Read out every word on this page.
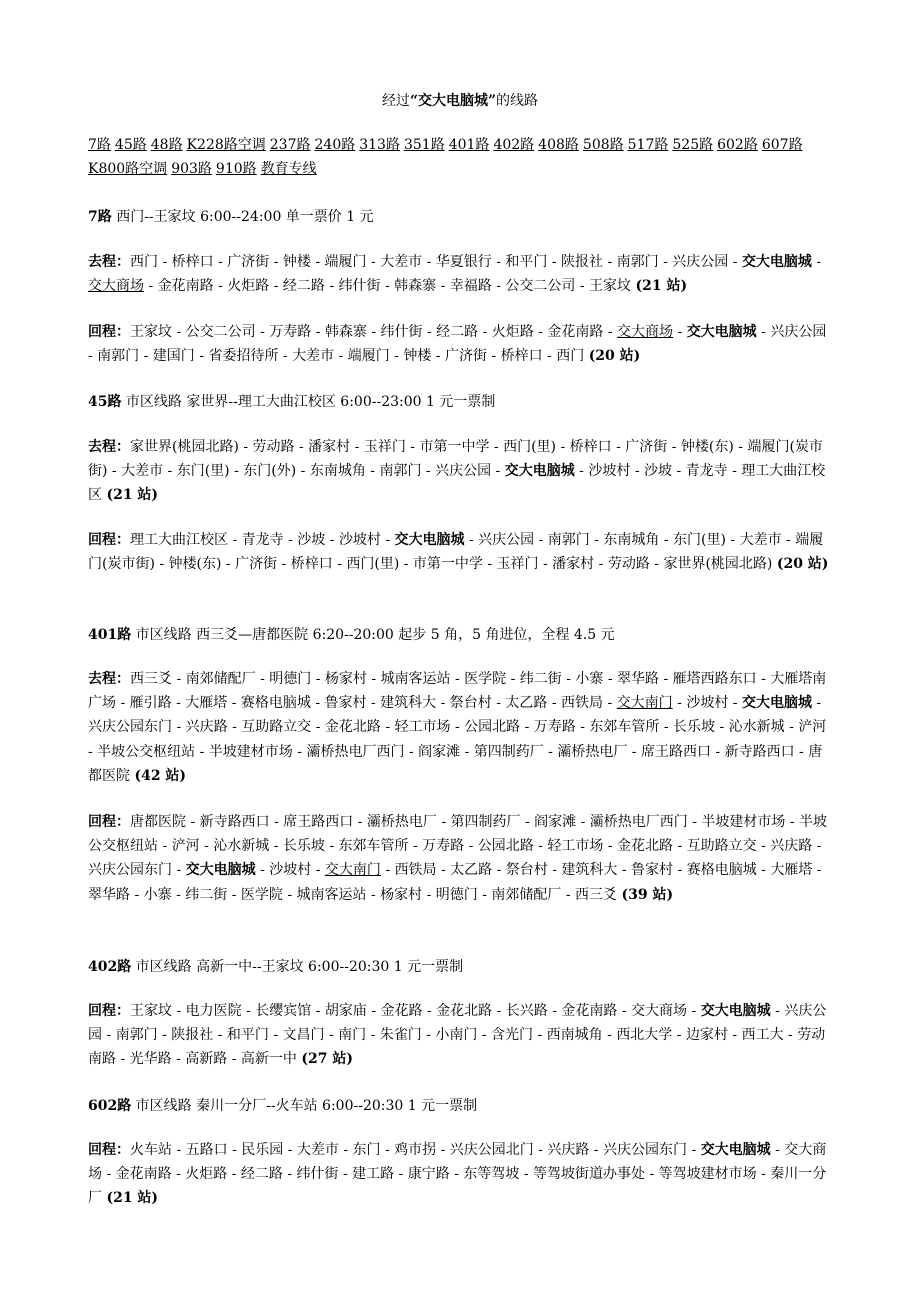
经过“交大电脑城”的线路
7路 45路 48路 K228路空调 237路 240路 313路 351路 401路 402路 408路 508路 517路 525路 602路 607路K800路空调 903路 910路 教育专线
7路 西门--王家坟 6:00--24:00 单一票价 1 元
去程：西门 - 桥梓口 - 广济街 - 钟楼 - 端履门 - 大差市 - 华夏银行 - 和平门 - 陕报社 - 南郭门 - 兴庆公园 - 交大电脑城 - 交大商场 - 金花南路 - 火炬路 - 经二路 - 纬什街 - 韩森寨 - 幸福路 - 公交二公司 - 王家坟 (21 站)
回程：王家坟 - 公交二公司 - 万寿路 - 韩森寨 - 纬什街 - 经二路 - 火炬路 - 金花南路 - 交大商场 - 交大电脑城 - 兴庆公园 - 南郭门 - 建国门 - 省委招待所 - 大差市 - 端履门 - 钟楼 - 广济街 - 桥梓口 - 西门 (20 站)
45路 市区线路 家世界--理工大曲江校区 6:00--23:00 1 元一票制
去程：家世界(桃园北路) - 劳动路 - 潘家村 - 玉祥门 - 市第一中学 - 西门(里) - 桥梓口 - 广济街 - 钟楼(东) - 端履门(炭市街) - 大差市 - 东门(里) - 东门(外) - 东南城角 - 南郭门 - 兴庆公园 - 交大电脑城 - 沙坡村 - 沙坡 - 青龙寺 - 理工大曲江校区 (21 站)
回程：理工大曲江校区 - 青龙寺 - 沙坡 - 沙坡村 - 交大电脑城 - 兴庆公园 - 南郭门 - 东南城角 - 东门(里) - 大差市 - 端履门(炭市街) - 钟楼(东) - 广济街 - 桥梓口 - 西门(里) - 市第一中学 - 玉祥门 - 潘家村 - 劳动路 - 家世界(桃园北路) (20 站)
401路 市区线路 西三爻—唐都医院 6:20--20:00 起步 5 角，5 角进位，全程 4.5 元
去程：西三爻 - 南郊储配厂 - 明德门 - 杨家村 - 城南客运站 - 医学院 - 纬二街 - 小寨 - 翠华路 - 雁塔西路东口 - 大雁塔南广场 - 雁引路 - 大雁塔 - 赛格电脑城 - 鲁家村 - 建筑科大 - 祭台村 - 太乙路 - 西铁局 - 交大南门 - 沙坡村 - 交大电脑城 - 兴庆公园东门 - 兴庆路 - 互助路立交 - 金花北路 - 轻工市场 - 公园北路 - 万寿路 - 东郊车管所 - 长乐坡 - 沁水新城 - 浐河 - 半坡公交枢纽站 - 半坡建材市场 - 灞桥热电厂西门 - 阎家滩 - 第四制药厂 - 灞桥热电厂 - 席王路西口 - 新寺路西口 - 唐都医院 (42 站)
回程：唐都医院 - 新寺路西口 - 席王路西口 - 灞桥热电厂 - 第四制药厂 - 阎家滩 - 灞桥热电厂西门 - 半坡建材市场 - 半坡公交枢纽站 - 浐河 - 沁水新城 - 长乐坡 - 东郊车管所 - 万寿路 - 公园北路 - 轻工市场 - 金花北路 - 互助路立交 - 兴庆路 - 兴庆公园东门 - 交大电脑城 - 沙坡村 - 交大南门 - 西铁局 - 太乙路 - 祭台村 - 建筑科大 - 鲁家村 - 赛格电脑城 - 大雁塔 - 翠华路 - 小寨 - 纬二街 - 医学院 - 城南客运站 - 杨家村 - 明德门 - 南郊储配厂 - 西三爻 (39 站)
402路 市区线路 高新一中--王家坟 6:00--20:30 1 元一票制
回程：王家坟 - 电力医院 - 长缨宾馆 - 胡家庙 - 金花路 - 金花北路 - 长兴路 - 金花南路 - 交大商场 - 交大电脑城 - 兴庆公园 - 南郭门 - 陕报社 - 和平门 - 文昌门 - 南门 - 朱雀门 - 小南门 - 含光门 - 西南城角 - 西北大学 - 边家村 - 西工大 - 劳动南路 - 光华路 - 高新路 - 高新一中 (27 站)
602路 市区线路 秦川一分厂--火车站 6:00--20:30 1 元一票制
回程：火车站 - 五路口 - 民乐园 - 大差市 - 东门 - 鸡市拐 - 兴庆公园北门 - 兴庆路 - 兴庆公园东门 - 交大电脑城 - 交大商场 - 金花南路 - 火炬路 - 经二路 - 纬什街 - 建工路 - 康宁路 - 东等驾坡 - 等驾坡街道办事处 - 等驾坡建材市场 - 秦川一分厂 (21 站)
